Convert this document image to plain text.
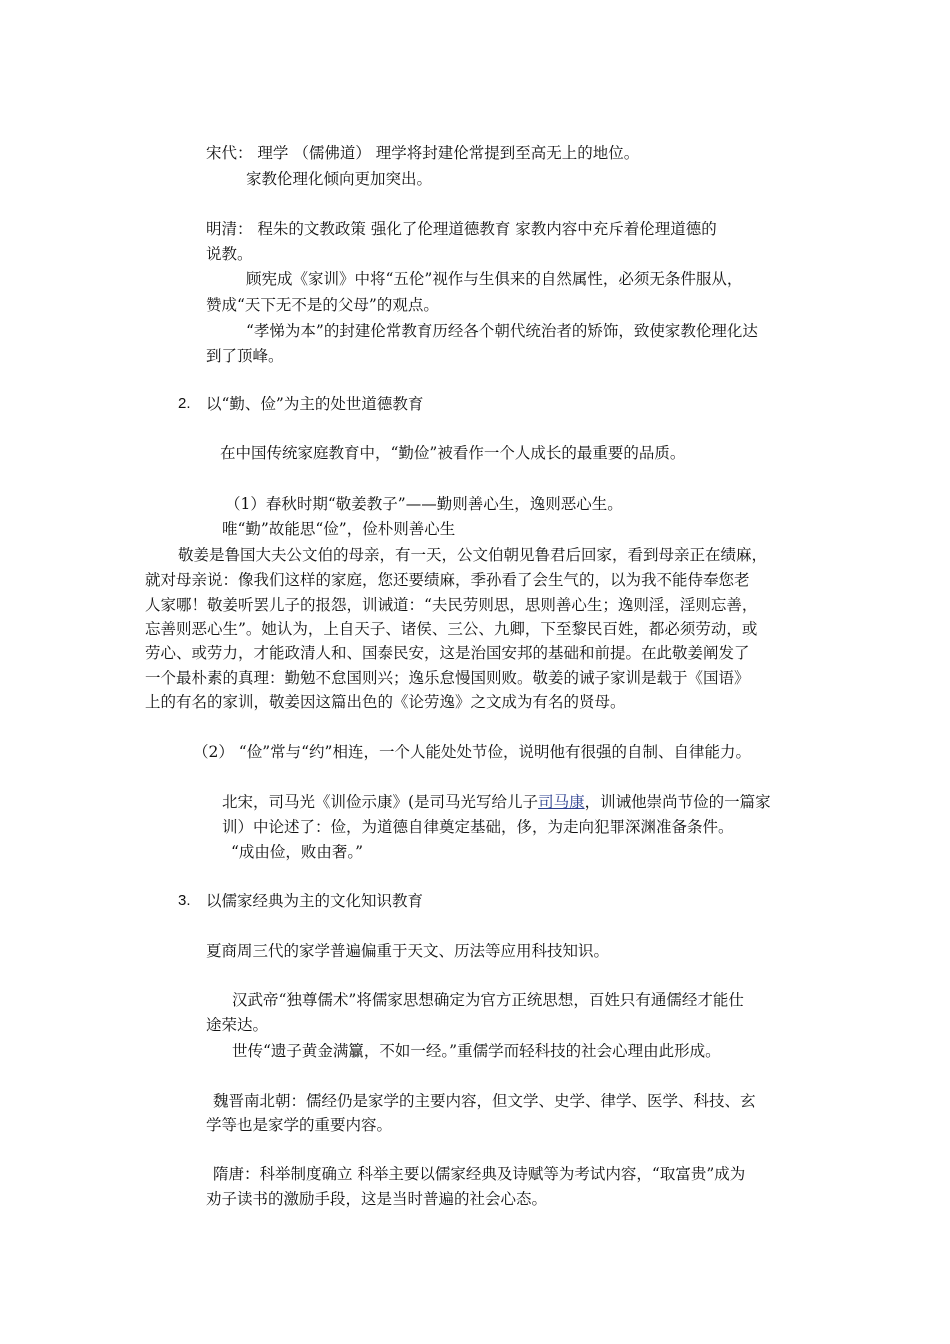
宋代： 理学 （儒佛道） 理学将封建伦常提到至高无上的地位。
家教伦理化倾向更加突出。
明清： 程朱的文教政策 强化了伦理道德教育 家教内容中充斥着伦理道德的
说教。
顾宪成《家训》中将“五伦”视作与生俱来的自然属性，必须无条件服从，
赞成“天下无不是的父母”的观点。
“孝悌为本”的封建伦常教育历经各个朝代统治者的矫饰，致使家教伦理化达
到了顶峰。
2. 以“勤、俭”为主的处世道德教育
在中国传统家庭教育中，“勤俭”被看作一个人成长的最重要的品质。
（1）春秋时期“敬姜教子”——勤则善心生，逸则恶心生。
唯“勤”故能思“俭”，俭朴则善心生
敬姜是鲁国大夫公文伯的母亲，有一天，公文伯朝见鲁君后回家，看到母亲正在绩麻，
就对母亲说：像我们这样的家庭，您还要绩麻，季孙看了会生气的，以为我不能侍奉您老
人家哪！敬姜听罢儿子的报怨，训诫道：“夫民劳则思，思则善心生；逸则淫，淫则忘善，
忘善则恶心生”。她认为，上自天子、诸侯、三公、九卿，下至黎民百姓，都必须劳动，或
劳心、或劳力，才能政清人和、国泰民安，这是治国安邦的基础和前提。在此敬姜阐发了
一个最朴素的真理：勤勉不怠国则兴；逸乐怠慢国则败。敬姜的诫子家训是载于《国语》
上的有名的家训，敬姜因这篇出色的《论劳逸》之文成为有名的贤母。
（2） “俭”常与“约”相连，一个人能处处节俭，说明他有很强的自制、自律能力。
北宋，司马光《训俭示康》(是司马光写给儿子司马康，训诫他崇尚节俭的一篇家
训）中论述了：俭，为道德自律奠定基础，侈，为走向犯罪深渊准备条件。
“成由俭，败由奢。”
3. 以儒家经典为主的文化知识教育
夏商周三代的家学普遍偏重于天文、历法等应用科技知识。
汉武帝“独尊儒术”将儒家思想确定为官方正统思想，百姓只有通儒经才能仕
途荣达。
世传“遗子黄金满籯，不如一经。”重儒学而轻科技的社会心理由此形成。
魏晋南北朝：儒经仍是家学的主要内容，但文学、史学、律学、医学、科技、玄
学等也是家学的重要内容。
隋唐：科举制度确立 科举主要以儒家经典及诗赋等为考试内容，“取富贵”成为
劝子读书的激励手段，这是当时普遍的社会心态。
